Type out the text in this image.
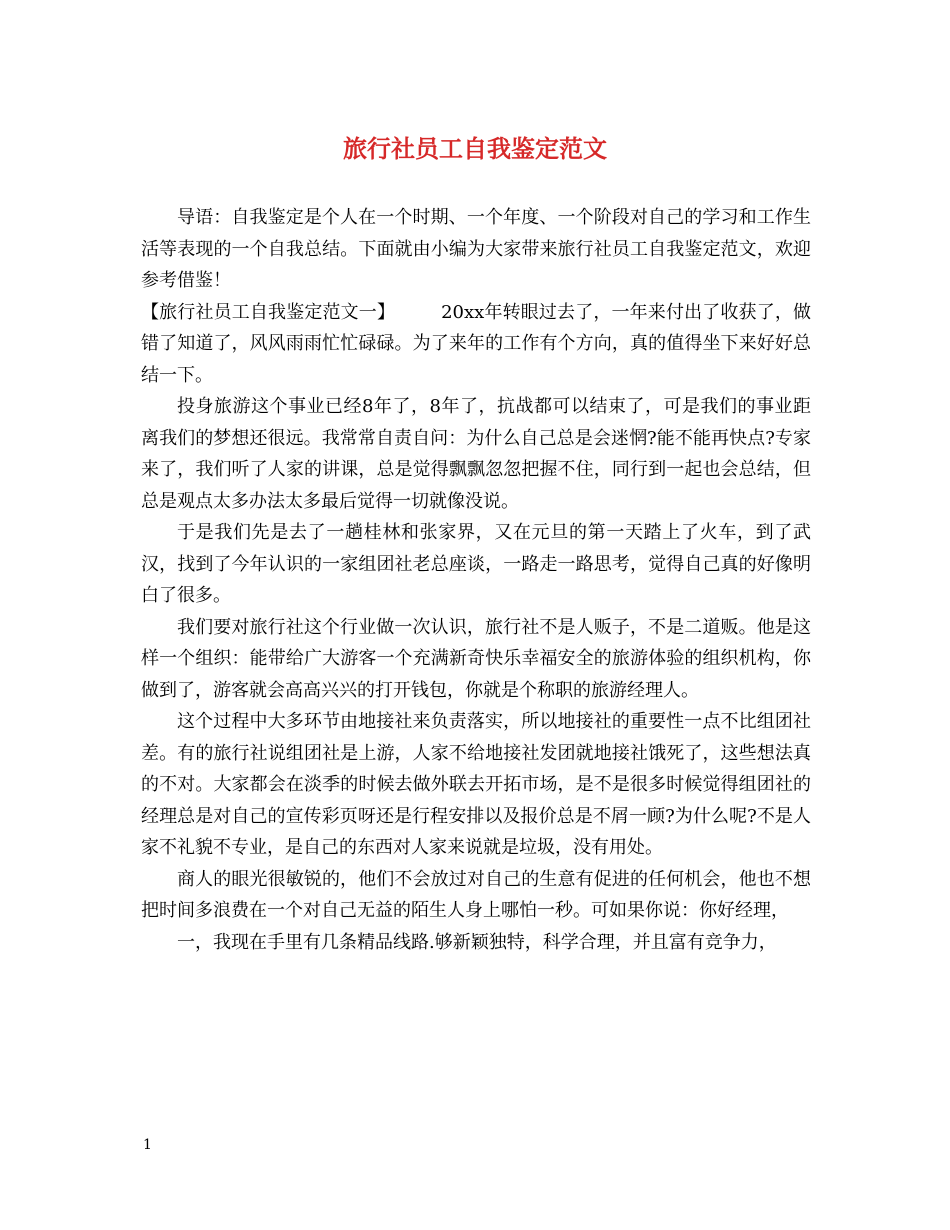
旅行社员工自我鉴定范文

导语：自我鉴定是个人在一个时期、一个年度、一个阶段对自己的学习和工作生活等表现的一个自我总结。下面就由小编为大家带来旅行社员工自我鉴定范文，欢迎参考借鉴！

【旅行社员工自我鉴定范文一】	20xx年转眼过去了，一年来付出了收获了，做错了知道了，风风雨雨忙忙碌碌。为了来年的工作有个方向，真的值得坐下来好好总结一下。

投身旅游这个事业已经8年了，8年了，抗战都可以结束了，可是我们的事业距离我们的梦想还很远。我常常自责自问：为什么自己总是会迷惘?能不能再快点?专家来了，我们听了人家的讲课，总是觉得飘飘忽忽把握不住，同行到一起也会总结，但总是观点太多办法太多最后觉得一切就像没说。

于是我们先是去了一趟桂林和张家界，又在元旦的第一天踏上了火车，到了武汉，找到了今年认识的一家组团社老总座谈，一路走一路思考，觉得自己真的好像明白了很多。

我们要对旅行社这个行业做一次认识，旅行社不是人贩子，不是二道贩。他是这样一个组织：能带给广大游客一个充满新奇快乐幸福安全的旅游体验的组织机构，你做到了，游客就会高高兴兴的打开钱包，你就是个称职的旅游经理人。

这个过程中大多环节由地接社来负责落实，所以地接社的重要性一点不比组团社差。有的旅行社说组团社是上游，人家不给地接社发团就地接社饿死了，这些想法真的不对。大家都会在淡季的时候去做外联去开拓市场，是不是很多时候觉得组团社的经理总是对自己的宣传彩页呀还是行程安排以及报价总是不屑一顾?为什么呢?不是人家不礼貌不专业，是自己的东西对人家来说就是垃圾，没有用处。

商人的眼光很敏锐的，他们不会放过对自己的生意有促进的任何机会，他也不想把时间多浪费在一个对自己无益的陌生人身上哪怕一秒。可如果你说：你好经理，

一，我现在手里有几条精品线路.够新颖独特，科学合理，并且富有竞争力，

1
